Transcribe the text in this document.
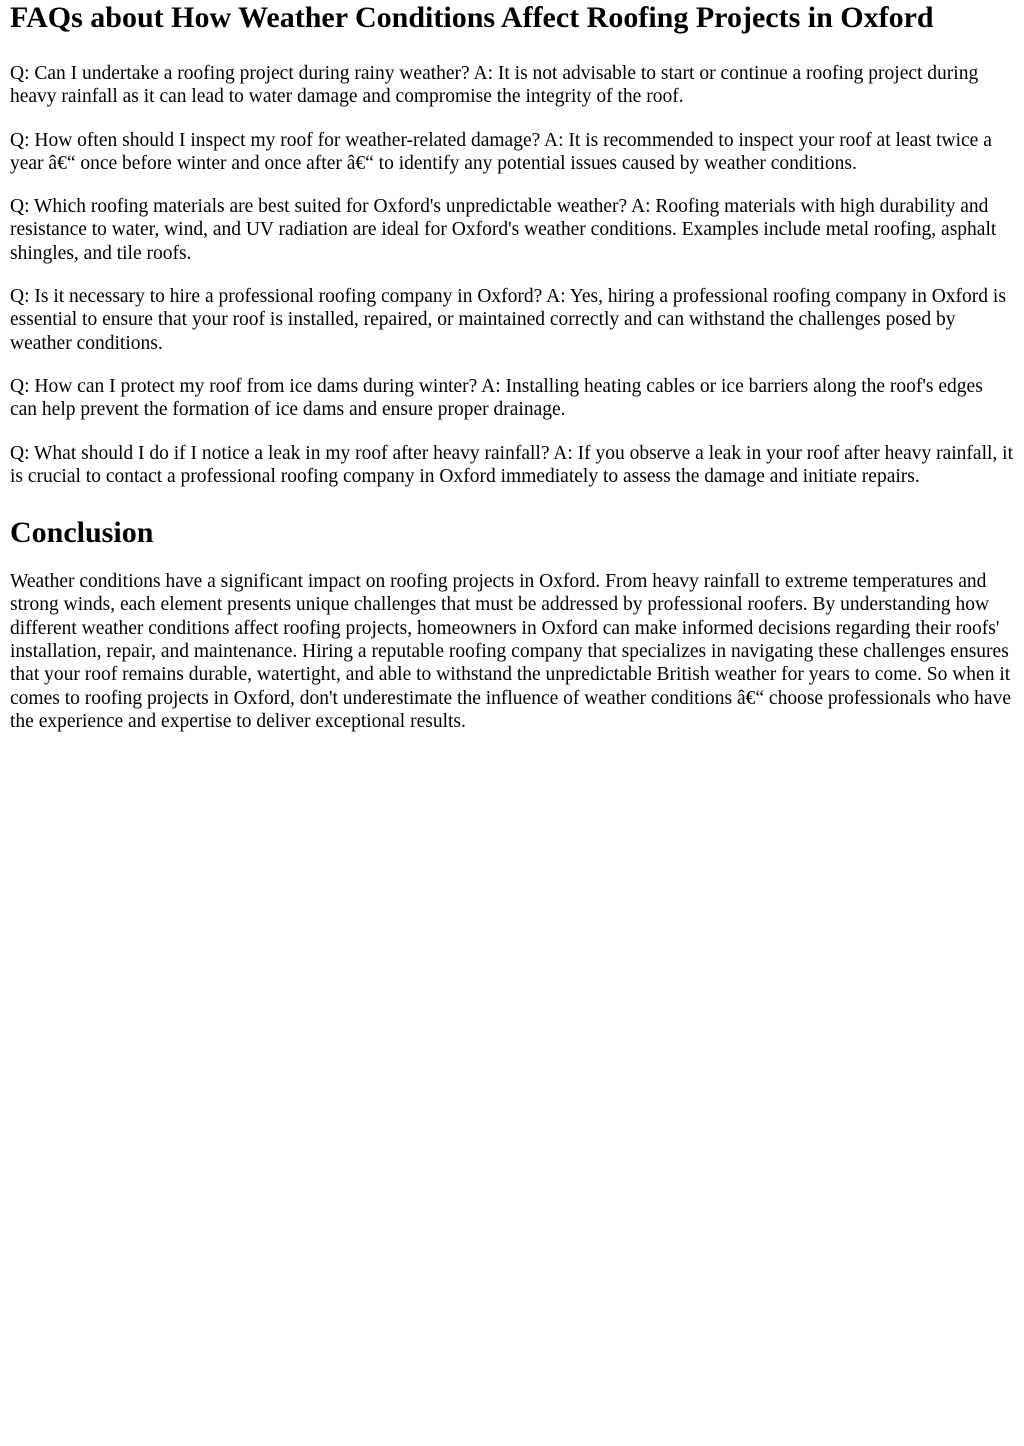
FAQs about How Weather Conditions Affect Roofing Projects in Oxford

Q: Can I undertake a roofing project during rainy weather? A: It is not advisable to start or continue a roofing project during heavy rainfall as it can lead to water damage and compromise the integrity of the roof.

Q: How often should I inspect my roof for weather-related damage? A: It is recommended to inspect your roof at least twice a year â€“ once before winter and once after â€“ to identify any potential issues caused by weather conditions.

Q: Which roofing materials are best suited for Oxford's unpredictable weather? A: Roofing materials with high durability and resistance to water, wind, and UV radiation are ideal for Oxford's weather conditions. Examples include metal roofing, asphalt shingles, and tile roofs.

Q: Is it necessary to hire a professional roofing company in Oxford? A: Yes, hiring a professional roofing company in Oxford is essential to ensure that your roof is installed, repaired, or maintained correctly and can withstand the challenges posed by weather conditions.

Q: How can I protect my roof from ice dams during winter? A: Installing heating cables or ice barriers along the roof's edges can help prevent the formation of ice dams and ensure proper drainage.

Q: What should I do if I notice a leak in my roof after heavy rainfall? A: If you observe a leak in your roof after heavy rainfall, it is crucial to contact a professional roofing company in Oxford immediately to assess the damage and initiate repairs.

Conclusion

Weather conditions have a significant impact on roofing projects in Oxford. From heavy rainfall to extreme temperatures and strong winds, each element presents unique challenges that must be addressed by professional roofers. By understanding how different weather conditions affect roofing projects, homeowners in Oxford can make informed decisions regarding their roofs' installation, repair, and maintenance. Hiring a reputable roofing company that specializes in navigating these challenges ensures that your roof remains durable, watertight, and able to withstand the unpredictable British weather for years to come. So when it comes to roofing projects in Oxford, don't underestimate the influence of weather conditions â€“ choose professionals who have the experience and expertise to deliver exceptional results.
